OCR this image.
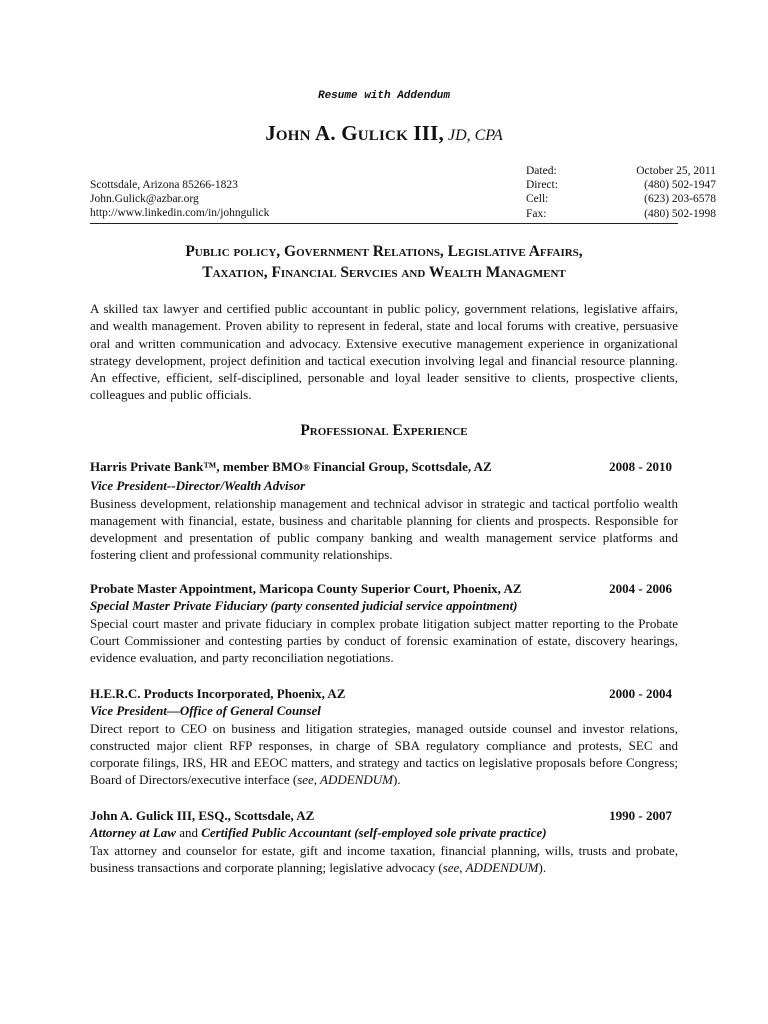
Resume with Addendum
John A. Gulick III, JD, CPA
Scottsdale, Arizona 85266-1823
John.Gulick@azbar.org
http://www.linkedin.com/in/johngulick
Dated:	October 25, 2011
Direct:	(480) 502-1947
Cell:	(623) 203-6578
Fax:	(480) 502-1998
Public policy, Government Relations, Legislative Affairs,
Taxation, Financial Servcies and Wealth Managment

A skilled tax lawyer and certified public accountant in public policy, government relations, legislative affairs, and wealth management. Proven ability to represent in federal, state and local forums with creative, persuasive oral and written communication and advocacy. Extensive executive management experience in organizational strategy development, project definition and tactical execution involving legal and financial resource planning. An effective, efficient, self-disciplined, personable and loyal leader sensitive to clients, prospective clients, colleagues and public officials.

Professional Experience
Harris Private Bank™, member BMO® Financial Group, Scottsdale, AZ	2008 - 2010
Vice President--Director/Wealth Advisor
Business development, relationship management and technical advisor in strategic and tactical portfolio wealth management with financial, estate, business and charitable planning for clients and prospects. Responsible for development and presentation of public company banking and wealth management service platforms and fostering client and professional community relationships.
Probate Master Appointment, Maricopa County Superior Court, Phoenix, AZ	2004 - 2006
Special Master Private Fiduciary (party consented judicial service appointment)
Special court master and private fiduciary in complex probate litigation subject matter reporting to the Probate Court Commissioner and contesting parties by conduct of forensic examination of estate, discovery hearings, evidence evaluation, and party reconciliation negotiations.
H.E.R.C. Products Incorporated, Phoenix, AZ	2000 - 2004
Vice President—Office of General Counsel
Direct report to CEO on business and litigation strategies, managed outside counsel and investor relations, constructed major client RFP responses, in charge of SBA regulatory compliance and protests, SEC and corporate filings, IRS, HR and EEOC matters, and strategy and tactics on legislative proposals before Congress; Board of Directors/executive interface (see, ADDENDUM).
John A. Gulick III, ESQ., Scottsdale, AZ	1990 - 2007
Attorney at Law and Certified Public Accountant (self-employed sole private practice)
Tax attorney and counselor for estate, gift and income taxation, financial planning, wills, trusts and probate, business transactions and corporate planning; legislative advocacy (see, ADDENDUM).
